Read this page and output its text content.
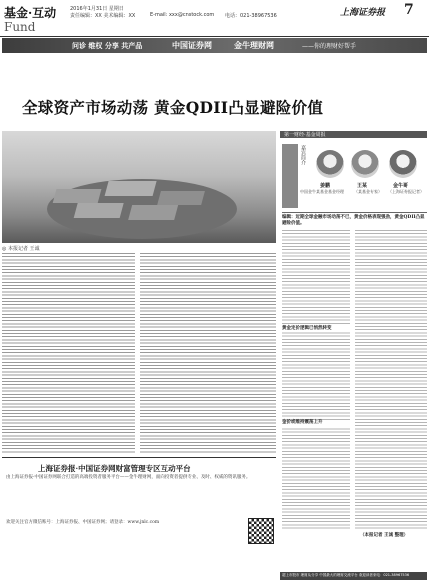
基金·互动
Fund
2016年1月31日 星期日
责任编辑：XX 美术编辑：XX	E-mail: xxx@cnstock.com 电话：021-38967536	上海证券报 7
问诊 维权 分享 共产品	中国证券网	金牛理财网	——你的理财好帮手
全球资产市场动荡 黄金QDII凸显避险价值
◎ 本报记者 王诚
第一财经·基金周报
嘉宾简介
姜鹏
中国金牛某基金基金经理
王某
（某基金专家）
金牛哥
（上海证券报记者）
编辑：近期全球金融市场动荡不已，黄金价格表现强劲，黄金QDII凸显避险价值。
黄金定价逻辑已悄然转变
金价或维持震荡上升
（本报记者 王诚 整理）
上海证券报·中国证券网财富管理专区互动平台
由上海证券报·中国证券网联合打造的高端投资者服务平台——金牛理财网，面向投资者提供专业、及时、权威的资讯服务。
欢迎关注官方微信账号：上海证券报、中国证券网；请登录：www.jnlc.com
超上市股市 理财从分享 中国最大的理财交流平台 欢迎读者来电：021-38967536
